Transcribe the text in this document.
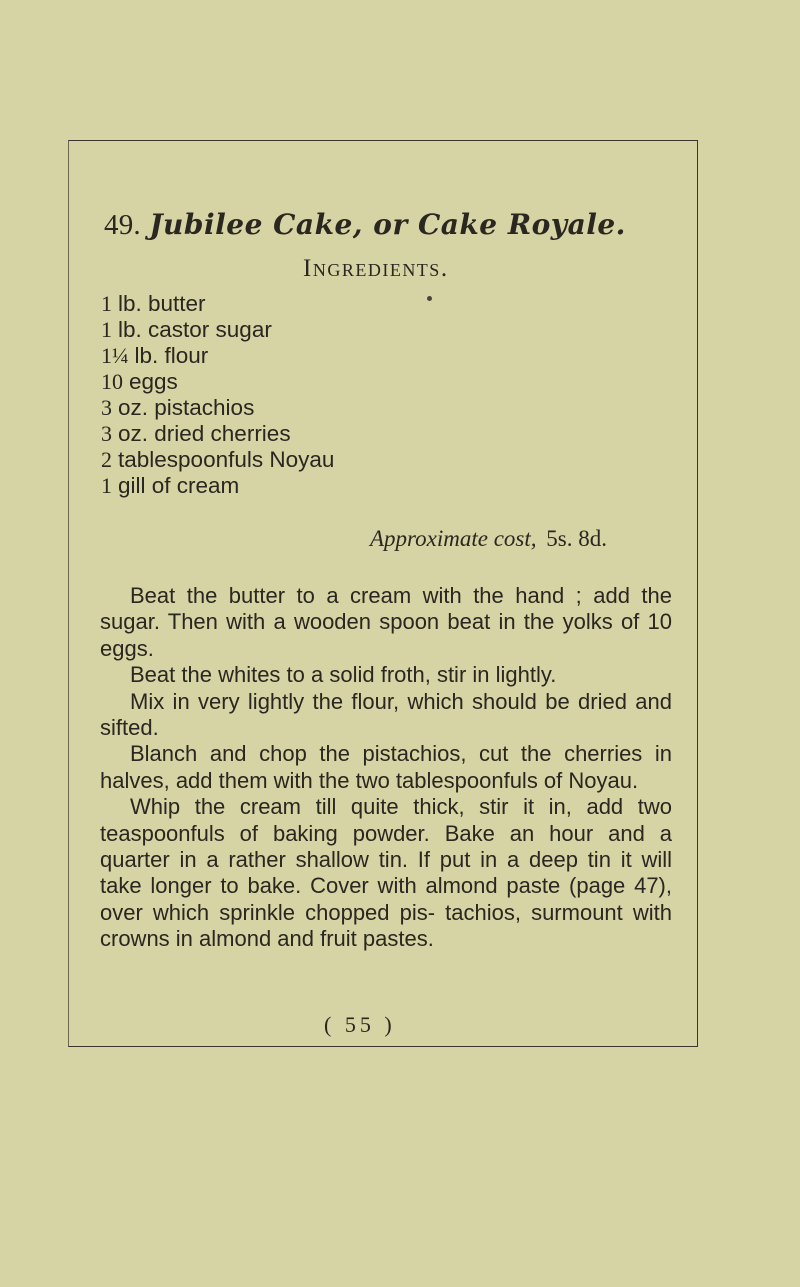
49. Jubilee Cake, or Cake Royale.
Ingredients.
1 lb. butter
1 lb. castor sugar
1¼ lb. flour
10 eggs
3 oz. pistachios
3 oz. dried cherries
2 tablespoonfuls Noyau
1 gill of cream
Approximate cost, 5s. 8d.

Beat the butter to a cream with the hand ; add the sugar. Then with a wooden spoon beat in the yolks of 10 eggs.

Beat the whites to a solid froth, stir in lightly.

Mix in very lightly the flour, which should be dried and sifted.

Blanch and chop the pistachios, cut the cherries in halves, add them with the two tablespoonfuls of Noyau.

Whip the cream till quite thick, stir it in, add two teaspoonfuls of baking powder. Bake an hour and a quarter in a rather shallow tin. If put in a deep tin it will take longer to bake. Cover with almond paste (page 47), over which sprinkle chopped pis- tachios, surmount with crowns in almond and fruit pastes.

( 55 )
